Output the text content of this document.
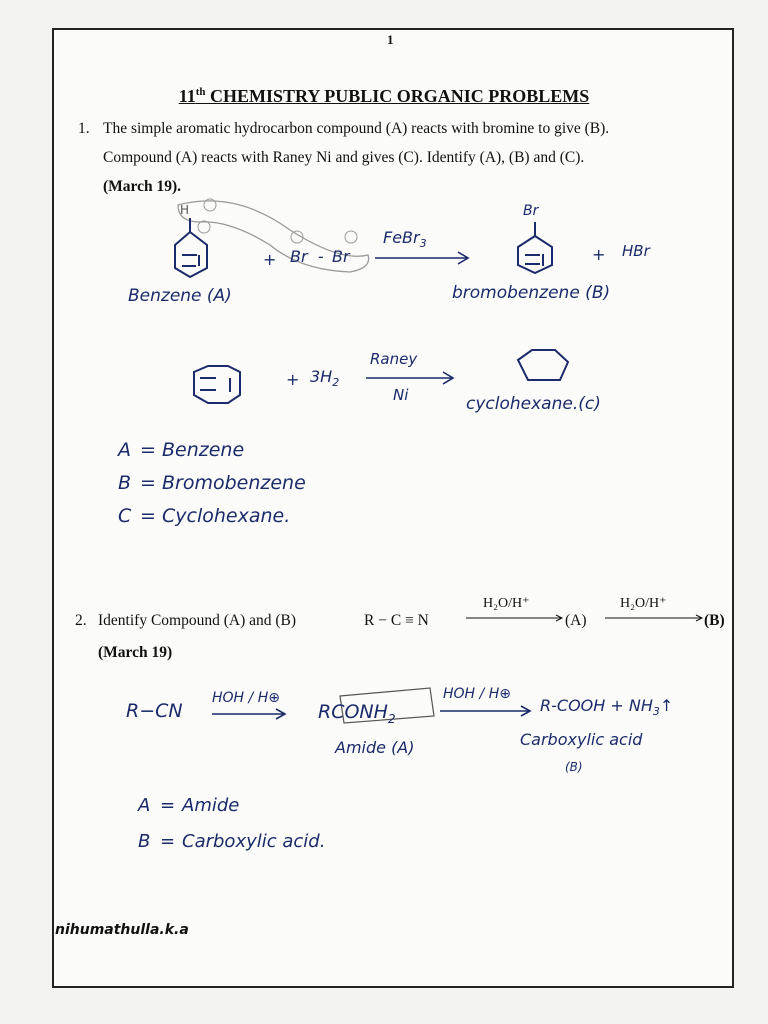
1
11th CHEMISTRY PUBLIC ORGANIC PROBLEMS
1. The simple aromatic hydrocarbon compound (A) reacts with bromine to give (B).
Compound (A) reacts with Raney Ni and gives (C). Identify (A), (B) and (C).
(March 19).
H
+ Br - Br
FeBr$_3$
Br
+ HBr
Benzene (A)	bromobenzene (B)
+ $3H_2$
Raney
Ni	cyclohexane.(c)
A = Benzene
B = Bromobenzene
C = Cyclohexane.
2. Identify Compound (A) and (B)	R − C ≡ N
H₂O/H⁺
(A)
H₂O/H⁺
(B)
(March 19)
R−CN
HOH / H⊕
$RCONH_2$
HOH / H⊕
R-COOH + $NH_3↑$
Amide (A)	Carboxylic acid
(B)
A = Amide
B = Carboxylic acid.
nihumathulla.k.a
